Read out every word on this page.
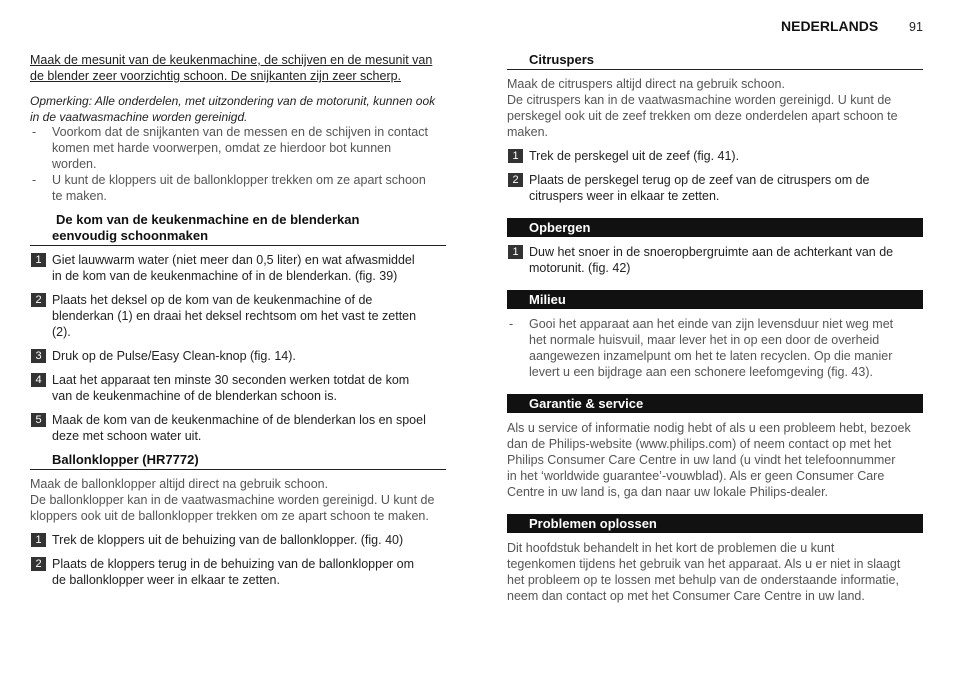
NEDERLANDS 91
Maak de mesunit van de keukenmachine, de schijven en de mesunit van
de blender zeer voorzichtig schoon. De snijkanten zijn zeer scherp.
Opmerking: Alle onderdelen, met uitzondering van de motorunit, kunnen ook
in de vaatwasmachine worden gereinigd.
- Voorkom dat de snijkanten van de messen en de schijven in contact
komen met harde voorwerpen, omdat ze hierdoor bot kunnen
worden.
- U kunt de kloppers uit de ballonklopper trekken om ze apart schoon
te maken.
De kom van de keukenmachine en de blenderkan
eenvoudig schoonmaken
1 Giet lauwwarm water (niet meer dan 0,5 liter) en wat afwasmiddel
in de kom van de keukenmachine of in de blenderkan. (fig. 39)
2 Plaats het deksel op de kom van de keukenmachine of de
blenderkan (1) en draai het deksel rechtsom om het vast te zetten
(2).
3 Druk op de Pulse/Easy Clean-knop (fig. 14).
4 Laat het apparaat ten minste 30 seconden werken totdat de kom
van de keukenmachine of de blenderkan schoon is.
5 Maak de kom van de keukenmachine of de blenderkan los en spoel
deze met schoon water uit.
Ballonklopper (HR7772)
Maak de ballonklopper altijd direct na gebruik schoon.
De ballonklopper kan in de vaatwasmachine worden gereinigd. U kunt de
kloppers ook uit de ballonklopper trekken om ze apart schoon te maken.
1 Trek de kloppers uit de behuizing van de ballonklopper. (fig. 40)
2 Plaats de kloppers terug in de behuizing van de ballonklopper om
de ballonklopper weer in elkaar te zetten.
Citruspers
Maak de citruspers altijd direct na gebruik schoon.
De citruspers kan in de vaatwasmachine worden gereinigd. U kunt de
perskegel ook uit de zeef trekken om deze onderdelen apart schoon te
maken.
1 Trek de perskegel uit de zeef (fig. 41).
2 Plaats de perskegel terug op de zeef van de citruspers om de
citruspers weer in elkaar te zetten.
Opbergen
1 Duw het snoer in de snoeropbergruimte aan de achterkant van de
motorunit. (fig. 42)
Milieu
- Gooi het apparaat aan het einde van zijn levensduur niet weg met
het normale huisvuil, maar lever het in op een door de overheid
aangewezen inzamelpunt om het te laten recyclen. Op die manier
levert u een bijdrage aan een schonere leefomgeving (fig. 43).
Garantie & service
Als u service of informatie nodig hebt of als u een probleem hebt, bezoek
dan de Philips-website (www.philips.com) of neem contact op met het
Philips Consumer Care Centre in uw land (u vindt het telefoonnummer
in het ‘worldwide guarantee’-vouwblad). Als er geen Consumer Care
Centre in uw land is, ga dan naar uw lokale Philips-dealer.
Problemen oplossen
Dit hoofdstuk behandelt in het kort de problemen die u kunt
tegenkomen tijdens het gebruik van het apparaat. Als u er niet in slaagt
het probleem op te lossen met behulp van de onderstaande informatie,
neem dan contact op met het Consumer Care Centre in uw land.
